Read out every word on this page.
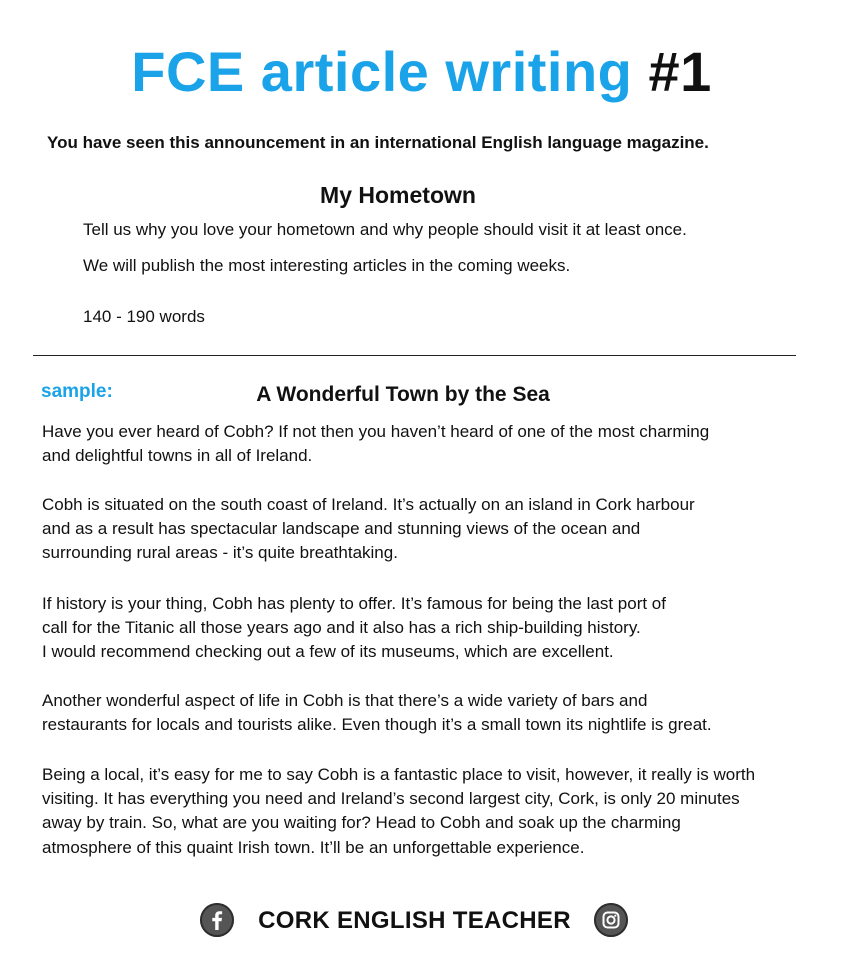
FCE article writing #1

You have seen this announcement in an international English language magazine.

My Hometown

Tell us why you love your hometown and why people should visit it at least once.

We will publish the most interesting articles in the coming weeks.

140 - 190 words

sample:	A Wonderful Town by the Sea

Have you ever heard of Cobh? If not then you haven’t heard of one of the most charming
and delightful towns in all of Ireland.

Cobh is situated on the south coast of Ireland. It’s actually on an island in Cork harbour
and as a result has spectacular landscape and stunning views of the ocean and
surrounding rural areas - it’s quite breathtaking.

If history is your thing, Cobh has plenty to offer. It’s famous for being the last port of
call for the Titanic all those years ago and it also has a rich ship-building history.
I would recommend checking out a few of its museums, which are excellent.

Another wonderful aspect of life in Cobh is that there’s a wide variety of bars and
restaurants for locals and tourists alike. Even though it’s a small town its nightlife is great.

Being a local, it’s easy for me to say Cobh is a fantastic place to visit, however, it really is worth
visiting. It has everything you need and Ireland’s second largest city, Cork, is only 20 minutes
away by train. So, what are you waiting for? Head to Cobh and soak up the charming
atmosphere of this quaint Irish town. It’ll be an unforgettable experience.

CORK ENGLISH TEACHER
